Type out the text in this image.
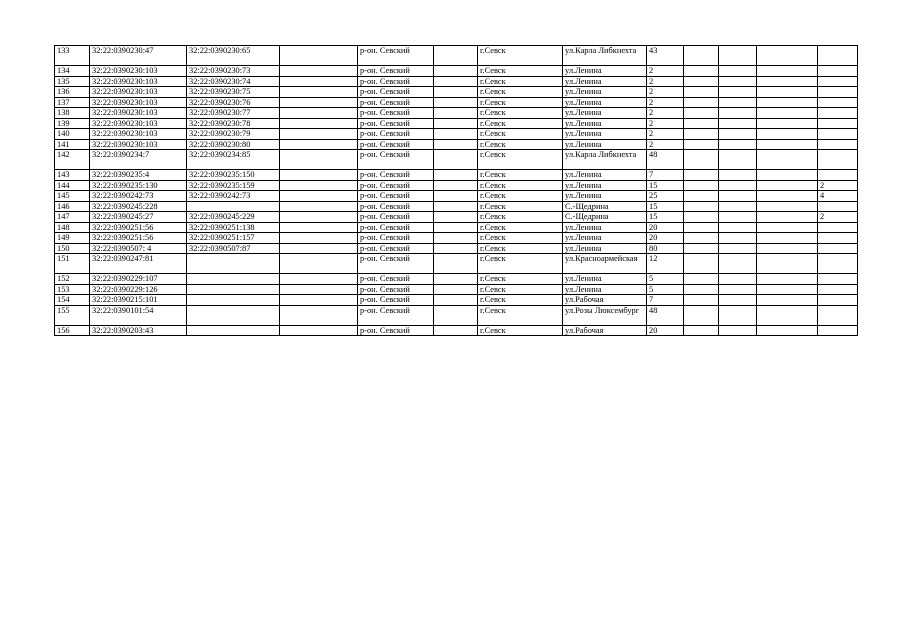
133	32:22:0390230:47	32:22:0390230:65		р-он. Севский		г.Севск	ул.Карла Либкнехта	43				
134	32:22:0390230:103	32:22:0390230:73		р-он. Севский		г.Севск	ул.Ленина	2				
135	32:22:0390230:103	32:22:0390230:74		р-он. Севский		г.Севск	ул.Ленина	2				
136	32:22:0390230:103	32:22:0390230:75		р-он. Севский		г.Севск	ул.Ленина	2				
137	32:22:0390230:103	32:22:0390230:76		р-он. Севский		г.Севск	ул.Ленина	2				
138	32:22:0390230:103	32:22:0390230:77		р-он. Севский		г.Севск	ул.Ленина	2				
139	32:22:0390230:103	32:22:0390230:78		р-он. Севский		г.Севск	ул.Ленина	2				
140	32:22:0390230:103	32:22:0390230:79		р-он. Севский		г.Севск	ул.Ленина	2				
141	32:22:0390230:103	32:22:0390230:80		р-он. Севский		г.Севск	ул.Ленина	2				
142	32:22:0390234:7	32:22:0390234:85		р-он. Севский		г.Севск	ул.Карла Либкнехта	48				
143	32:22:0390235:4	32:22:0390235:150		р-он. Севский		г.Севск	ул.Ленина	7				
144	32:22:0390235:130	32:22:0390235:159		р-он. Севский		г.Севск	ул.Ленина	15				2
145	32:22:0390242:73	32:22:0390242:73		р-он. Севский		г.Севск	ул.Ленина	25				4
146	32:22:0390245:228			р-он. Севский		г.Севск	С.-Щедрина	15				
147	32:22:0390245:27	32:22:0390245:229		р-он. Севский		г.Севск	С.-Щедрина	15				2
148	32:22:0390251:56	32:22:0390251:138		р-он. Севский		г.Севск	ул.Ленина	20				
149	32:22:0390251:56	32:22:0390251:157		р-он. Севский		г.Севск	ул.Ленина	20				
150	32:22:0390507: 4	32:22:0390507:87		р-он. Севский		г.Севск	ул.Ленина	80				
151	32:22:0390247:81			р-он. Севский		г.Севск	ул.Красноармейская	12				
152	32:22:0390229:107			р-он. Севский		г.Севск	ул.Ленина	5				
153	32:22:0390229:126			р-он. Севский		г.Севск	ул.Ленина	5				
154	32:22:0390215:101			р-он. Севский		г.Севск	ул.Рабочая	7				
155	32:22:0390101:54			р-он. Севский		г.Севск	ул.Розы Люксембург	48				
156	32:22:0390203:43			р-он. Севский		г.Севск	ул.Рабочая	20				
